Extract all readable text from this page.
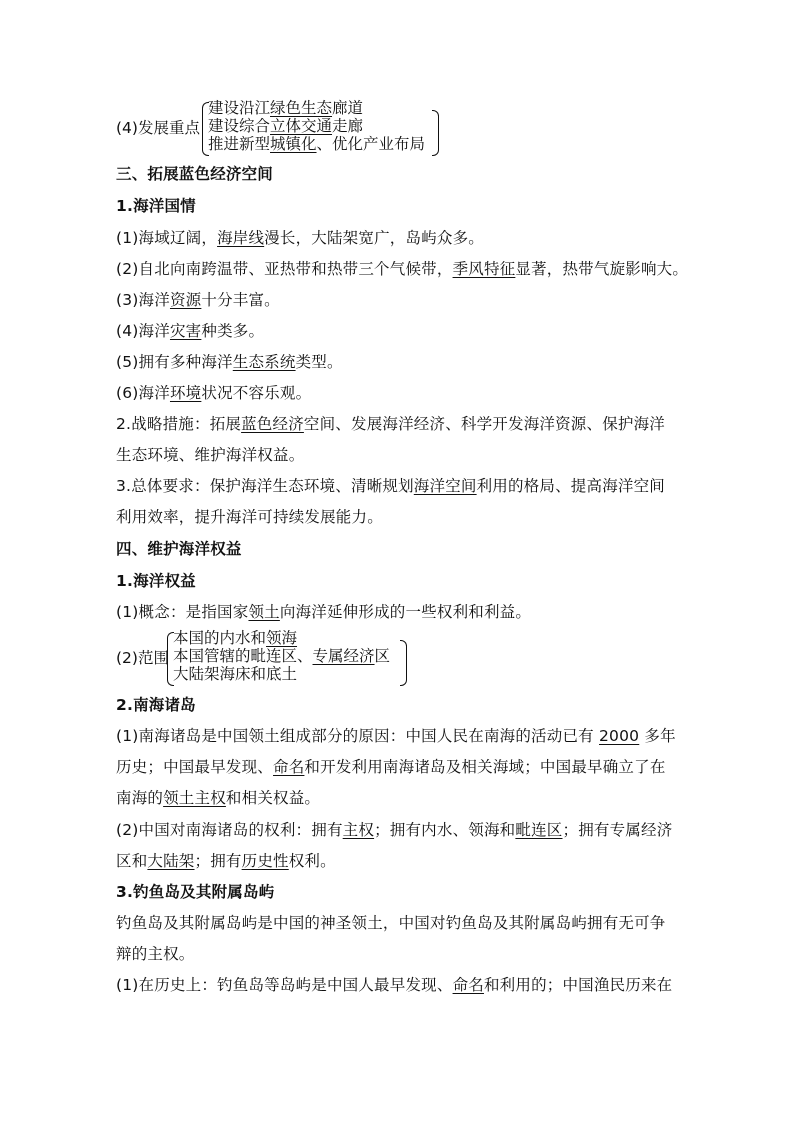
(4)发展重点
建设沿江绿色生态廊道
建设综合立体交通走廊
推进新型城镇化、优化产业布局
三、拓展蓝色经济空间
1.海洋国情
(1)海域辽阔，海岸线漫长，大陆架宽广，岛屿众多。
(2)自北向南跨温带、亚热带和热带三个气候带，季风特征显著，热带气旋影响大。
(3)海洋资源十分丰富。
(4)海洋灾害种类多。
(5)拥有多种海洋生态系统类型。
(6)海洋环境状况不容乐观。
2.战略措施：拓展蓝色经济空间、发展海洋经济、科学开发海洋资源、保护海洋
生态环境、维护海洋权益。
3.总体要求：保护海洋生态环境、清晰规划海洋空间利用的格局、提高海洋空间
利用效率，提升海洋可持续发展能力。
四、维护海洋权益
1.海洋权益
(1)概念：是指国家领土向海洋延伸形成的一些权利和利益。
(2)范围
本国的内水和领海
本国管辖的毗连区、专属经济区
大陆架海床和底土
2.南海诸岛
(1)南海诸岛是中国领土组成部分的原因：中国人民在南海的活动已有 2000 多年
历史；中国最早发现、命名和开发利用南海诸岛及相关海域；中国最早确立了在
南海的领土主权和相关权益。
(2)中国对南海诸岛的权利：拥有主权；拥有内水、领海和毗连区；拥有专属经济
区和大陆架；拥有历史性权利。
3.钓鱼岛及其附属岛屿
钓鱼岛及其附属岛屿是中国的神圣领土，中国对钓鱼岛及其附属岛屿拥有无可争
辩的主权。
(1)在历史上：钓鱼岛等岛屿是中国人最早发现、命名和利用的；中国渔民历来在
